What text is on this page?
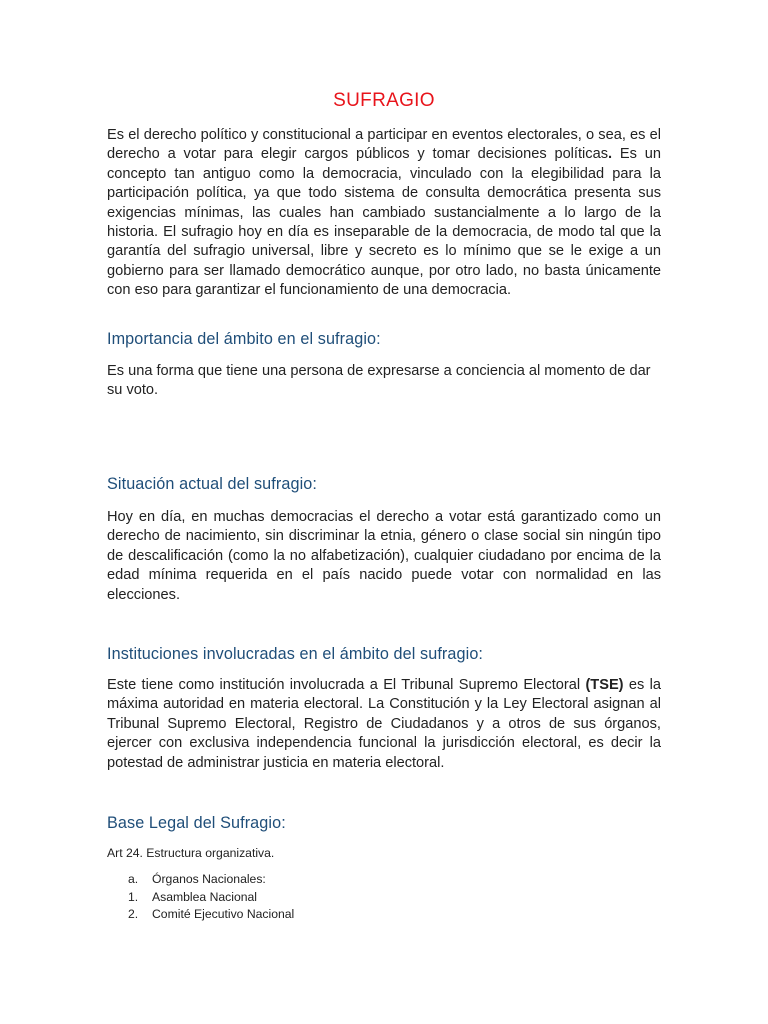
SUFRAGIO
Es el derecho político y constitucional a participar en eventos electorales, o sea, es el derecho a votar para elegir cargos públicos y tomar decisiones políticas. Es un concepto tan antiguo como la democracia, vinculado con la elegibilidad para la participación política, ya que todo sistema de consulta democrática presenta sus exigencias mínimas, las cuales han cambiado sustancialmente a lo largo de la historia. El sufragio hoy en día es inseparable de la democracia, de modo tal que la garantía del sufragio universal, libre y secreto es lo mínimo que se le exige a un gobierno para ser llamado democrático aunque, por otro lado, no basta únicamente con eso para garantizar el funcionamiento de una democracia.
Importancia del ámbito en el sufragio:
Es una forma que tiene una persona de expresarse a conciencia al momento de dar su voto.
Situación actual del sufragio:
Hoy en día, en muchas democracias el derecho a votar está garantizado como un derecho de nacimiento, sin discriminar la etnia, género o clase social sin ningún tipo de descalificación (como la no alfabetización), cualquier ciudadano por encima de la edad mínima requerida en el país nacido puede votar con normalidad en las elecciones.
Instituciones involucradas en el ámbito del sufragio:
Este tiene como institución involucrada a El Tribunal Supremo Electoral (TSE) es la máxima autoridad en materia electoral. La Constitución y la Ley Electoral asignan al Tribunal Supremo Electoral, Registro de Ciudadanos y a otros de sus órganos, ejercer con exclusiva independencia funcional la jurisdicción electoral, es decir la potestad de administrar justicia en materia electoral.
Base Legal del Sufragio:
Art 24. Estructura organizativa.
a.	Órganos Nacionales:
1.	Asamblea Nacional
2.	Comité Ejecutivo Nacional
